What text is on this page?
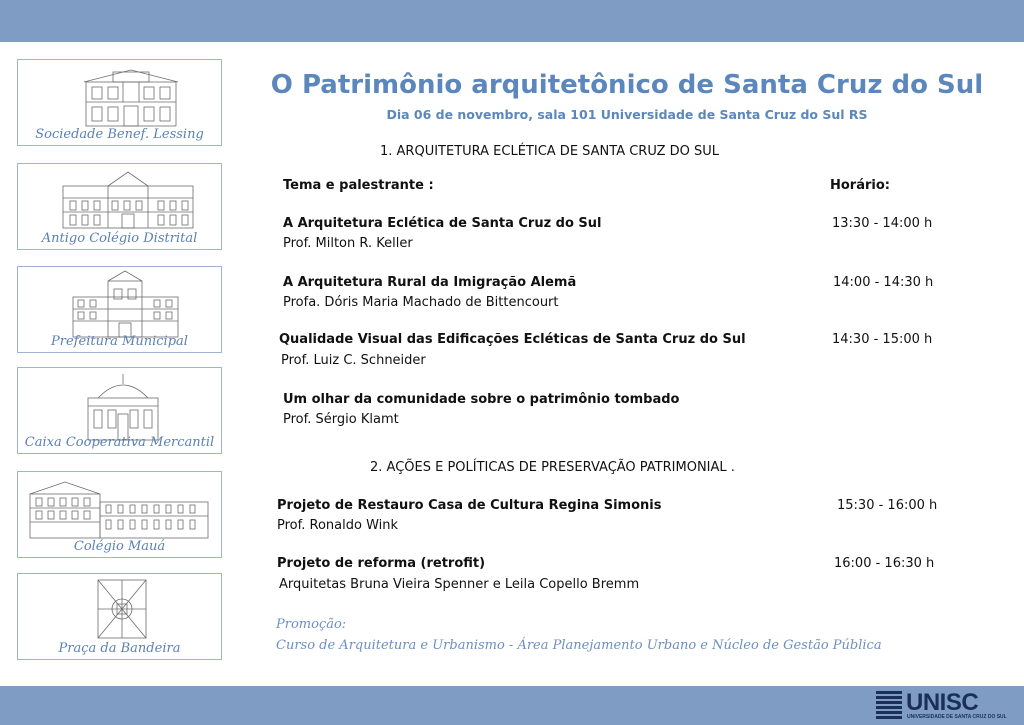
Sociedade Benef. Lessing
Antigo Colégio Distrital
Prefeitura Municipal
Caixa Cooperativa Mercantil
Colégio Mauá
Praça da Bandeira
O Patrimônio arquitetônico de Santa Cruz do Sul
Dia 06 de novembro, sala 101 Universidade de Santa Cruz do Sul RS
1. ARQUITETURA ECLÉTICA DE SANTA CRUZ DO SUL
Tema e palestrante :	Horário:
A Arquitetura Eclética de Santa Cruz do Sul
Prof. Milton R. Keller
13:30 - 14:00 h
A Arquitetura Rural da Imigração Alemã
Profa. Dóris Maria Machado de Bittencourt
14:00 - 14:30 h
Qualidade Visual das Edificações Ecléticas de Santa Cruz do Sul
Prof. Luiz C. Schneider
14:30 - 15:00 h
Um olhar da comunidade sobre o patrimônio tombado
Prof. Sérgio Klamt
2. AÇÕES E POLÍTICAS DE PRESERVAÇÃO PATRIMONIAL .
Projeto de Restauro Casa de Cultura Regina Simonis
Prof. Ronaldo Wink
15:30 - 16:00 h
Projeto de reforma (retrofit)
Arquitetas Bruna Vieira Spenner e Leila Copello Bremm
16:00 - 16:30 h
Promoção:
Curso de Arquitetura e Urbanismo - Área Planejamento Urbano e Núcleo de Gestão Pública
UNISC
UNIVERSIDADE DE SANTA CRUZ DO SUL
